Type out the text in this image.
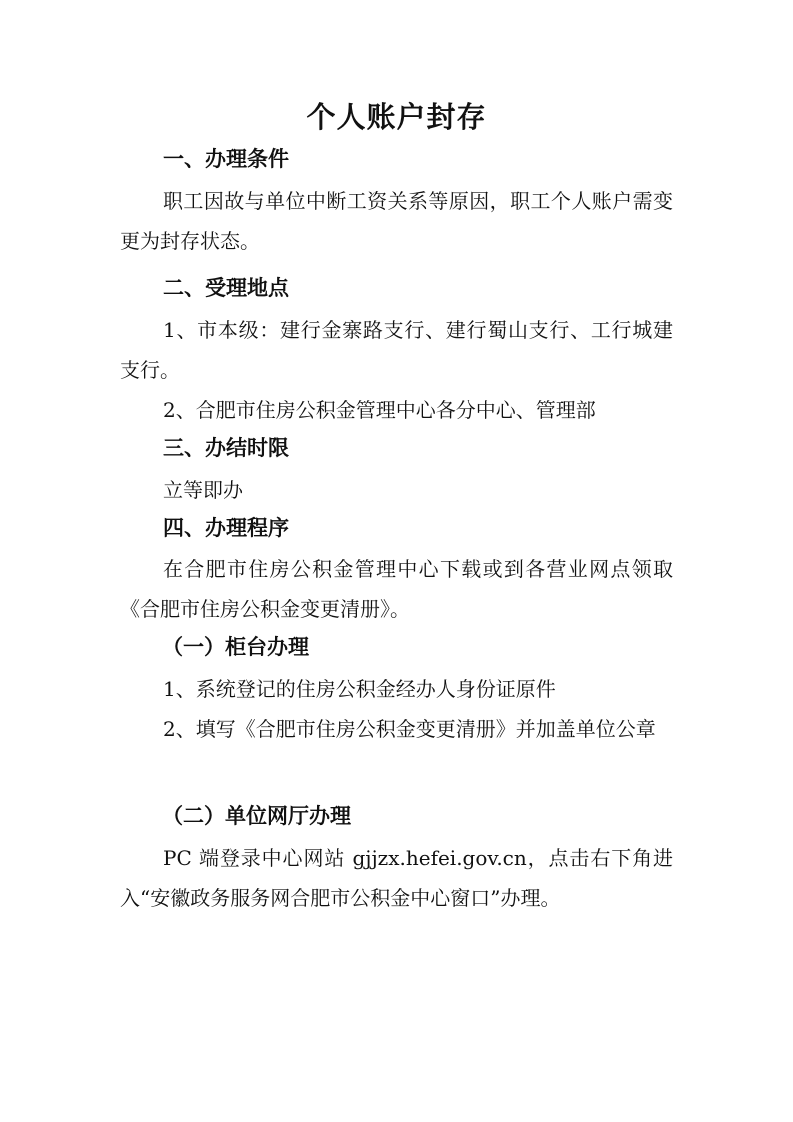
个人账户封存
一、办理条件
职工因故与单位中断工资关系等原因，职工个人账户需变更为封存状态。
二、受理地点
1、市本级：建行金寨路支行、建行蜀山支行、工行城建支行。
2、合肥市住房公积金管理中心各分中心、管理部
三、办结时限
立等即办
四、办理程序
在合肥市住房公积金管理中心下载或到各营业网点领取《合肥市住房公积金变更清册》。
（一）柜台办理
1、系统登记的住房公积金经办人身份证原件
2、填写《合肥市住房公积金变更清册》并加盖单位公章
（二）单位网厅办理
PC 端登录中心网站 gjjzx.hefei.gov.cn，点击右下角进入“安徽政务服务网合肥市公积金中心窗口”办理。
